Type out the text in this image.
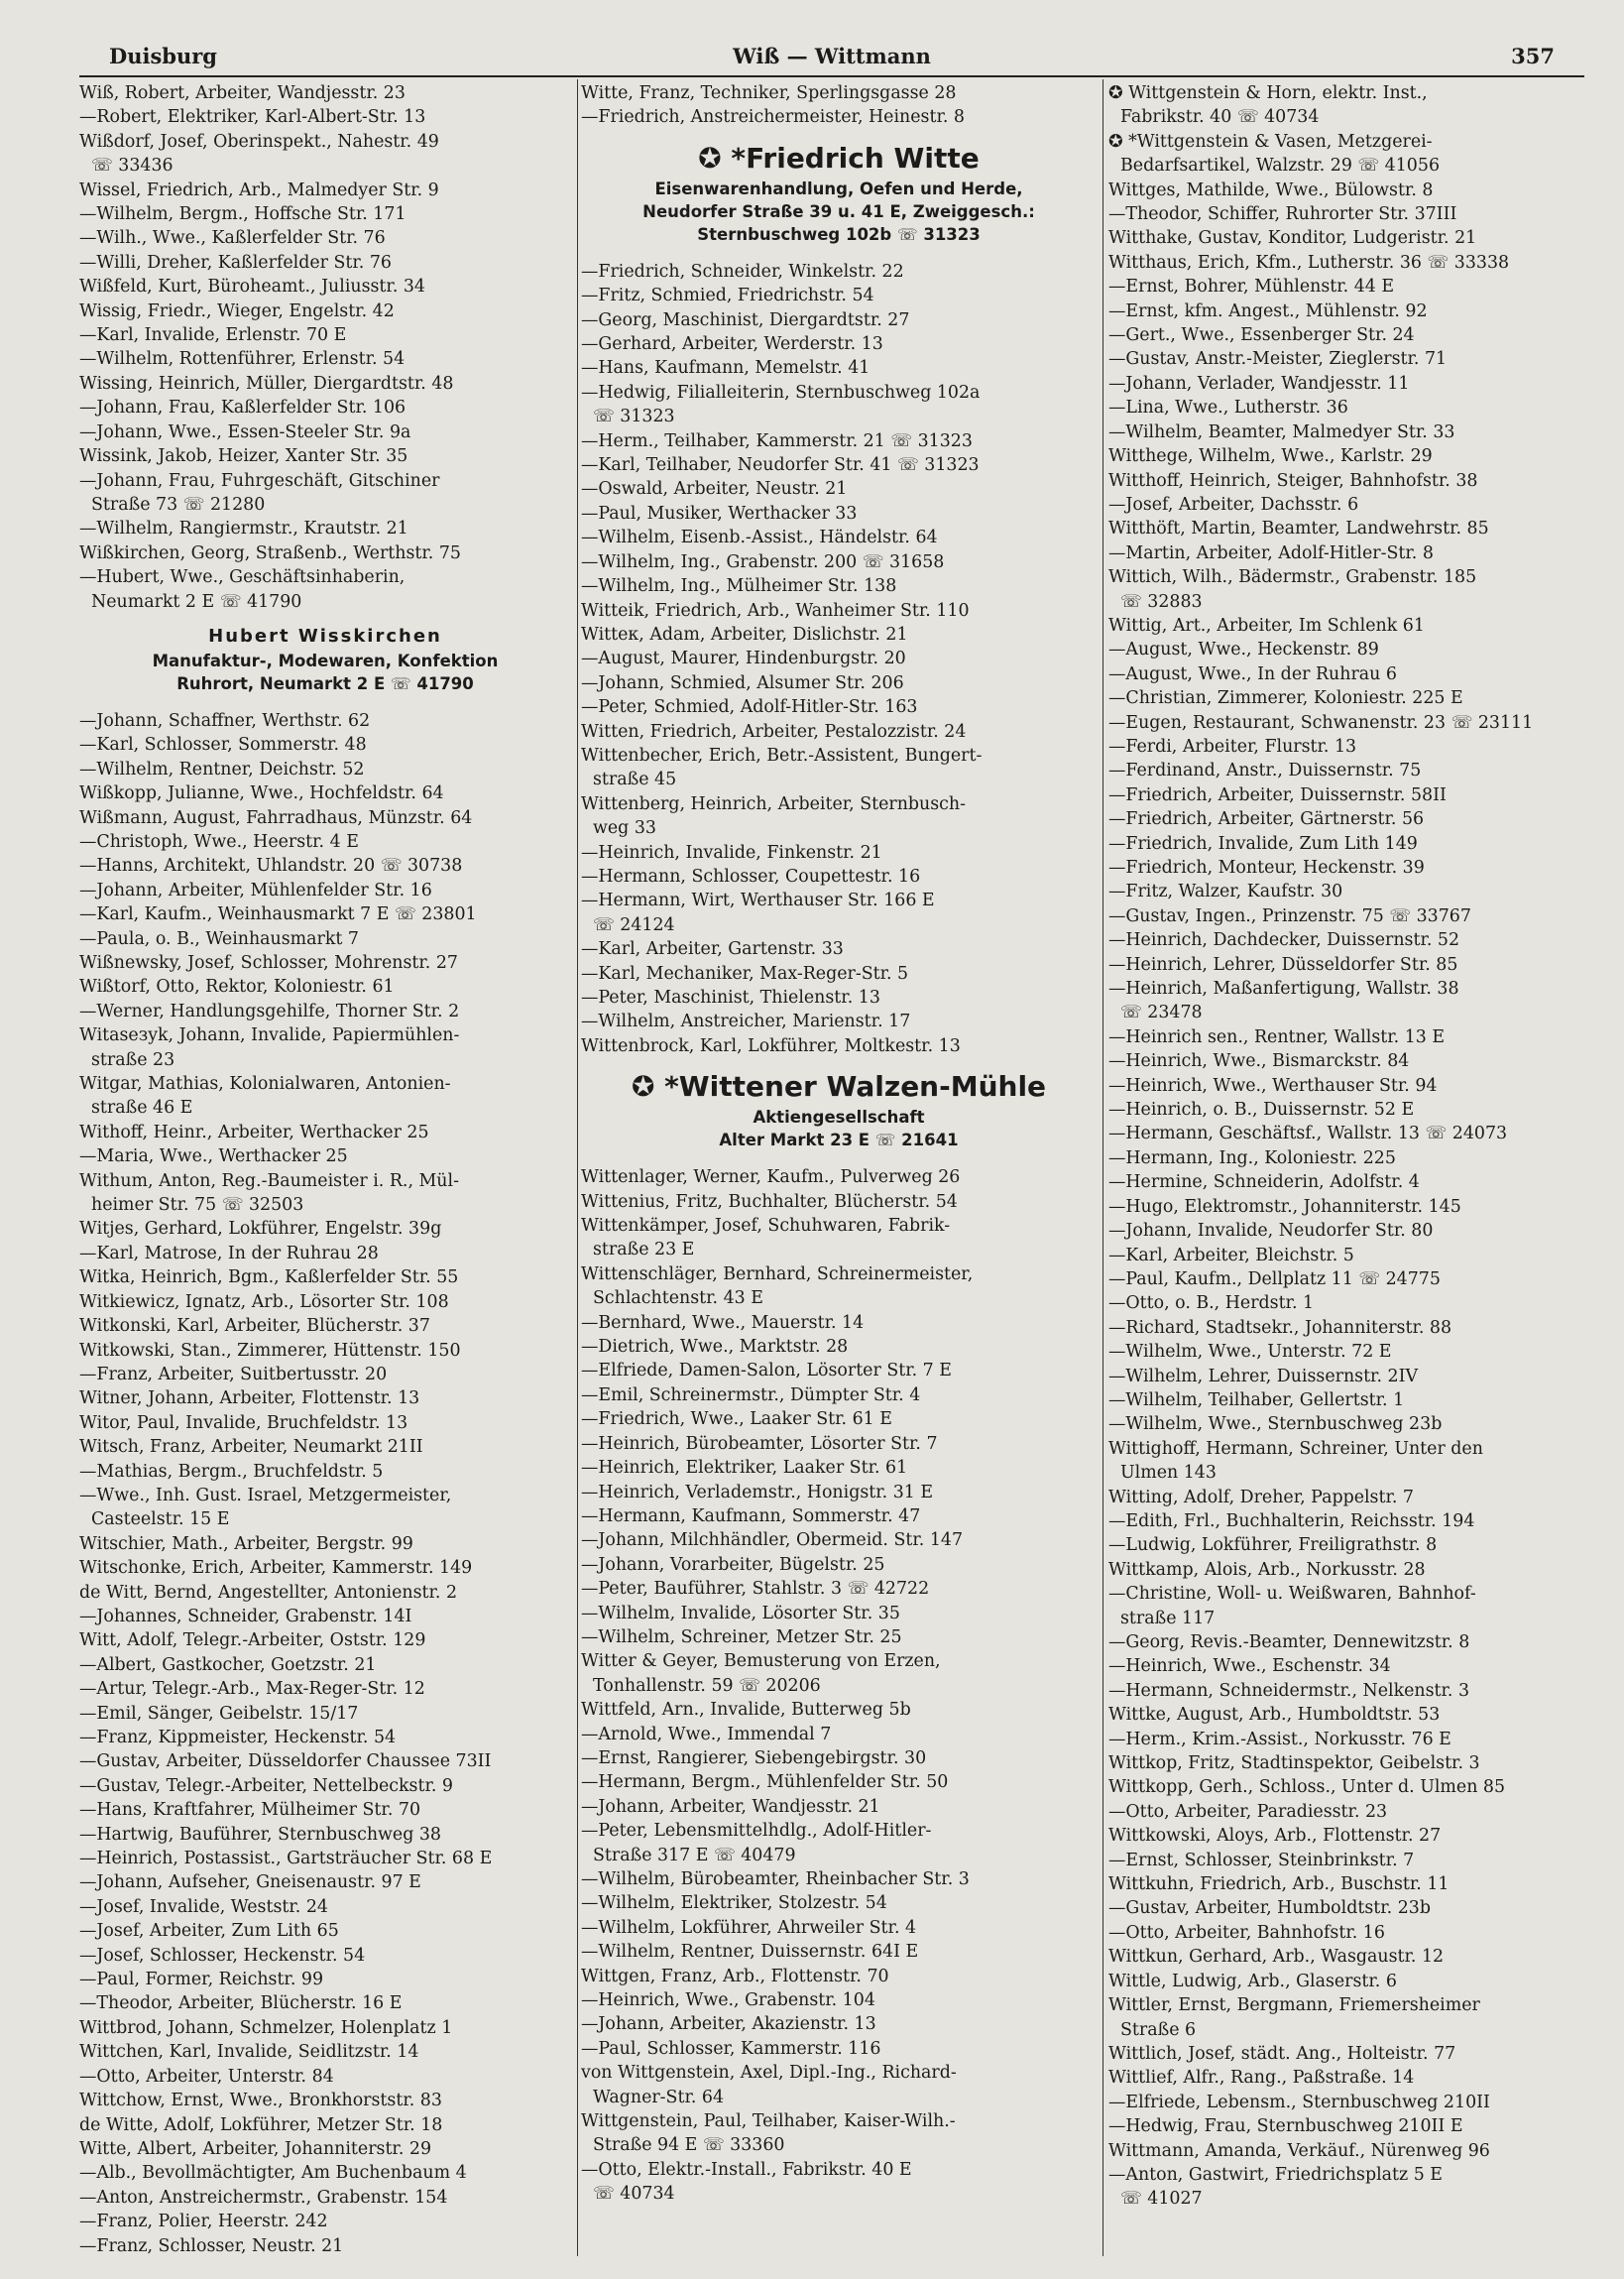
Duisburg	Wiß — Wittmann	357
Wiß, Robert, Arbeiter, Wandjesstr. 23
—Robert, Elektriker, Karl-Albert-Str. 13
Wißdorf, Josef, Oberinspekt., Nahestr. 49
☏ 33436
Wissel, Friedrich, Arb., Malmedyer Str. 9
—Wilhelm, Bergm., Hoffsche Str. 171
—Wilh., Wwe., Kaßlerfelder Str. 76
—Willi, Dreher, Kaßlerfelder Str. 76
Wißfeld, Kurt, Büroheamt., Juliusstr. 34
Wissig, Friedr., Wieger, Engelstr. 42
—Karl, Invalide, Erlenstr. 70 E
—Wilhelm, Rottenführer, Erlenstr. 54
Wissing, Heinrich, Müller, Diergardtstr. 48
—Johann, Frau, Kaßlerfelder Str. 106
—Johann, Wwe., Essen-Steeler Str. 9a
Wissink, Jakob, Heizer, Xanter Str. 35
—Johann, Frau, Fuhrgeschäft, Gitschiner
Straße 73 ☏ 21280
—Wilhelm, Rangiermstr., Krautstr. 21
Wißkirchen, Georg, Straßenb., Werthstr. 75
—Hubert, Wwe., Geschäftsinhaberin,
Neumarkt 2 E ☏ 41790
Hubert Wisskirchen
Manufaktur-, Modewaren, Konfektion
Ruhrort, Neumarkt 2 E ☏ 41790
—Johann, Schaffner, Werthstr. 62
—Karl, Schlosser, Sommerstr. 48
—Wilhelm, Rentner, Deichstr. 52
Wißkopp, Julianne, Wwe., Hochfeldstr. 64
Wißmann, August, Fahrradhaus, Münzstr. 64
—Christoph, Wwe., Heerstr. 4 E
—Hanns, Architekt, Uhlandstr. 20 ☏ 30738
—Johann, Arbeiter, Mühlenfelder Str. 16
—Karl, Kaufm., Weinhausmarkt 7 E ☏ 23801
—Paula, o. B., Weinhausmarkt 7
Wißnewsky, Josef, Schlosser, Mohrenstr. 27
Wißtorf, Otto, Rektor, Koloniestr. 61
—Werner, Handlungsgehilfe, Thorner Str. 2
Witaseзyk, Johann, Invalide, Papiermühlen-
straße 23
Witgar, Mathias, Kolonialwaren, Antonien-
straße 46 E
Withoff, Heinr., Arbeiter, Werthacker 25
—Maria, Wwe., Werthacker 25
Withum, Anton, Reg.-Baumeister i. R., Mül-
heimer Str. 75 ☏ 32503
Witjes, Gerhard, Lokführer, Engelstr. 39g
—Karl, Matrose, In der Ruhrau 28
Witka, Heinrich, Bgm., Kaßlerfelder Str. 55
Witkiewicz, Ignatz, Arb., Lösorter Str. 108
Witkonski, Karl, Arbeiter, Blücherstr. 37
Witkowski, Stan., Zimmerer, Hüttenstr. 150
—Franz, Arbeiter, Suitbertusstr. 20
Witner, Johann, Arbeiter, Flottenstr. 13
Witor, Paul, Invalide, Bruchfeldstr. 13
Witsch, Franz, Arbeiter, Neumarkt 21II
—Mathias, Bergm., Bruchfeldstr. 5
—Wwe., Inh. Gust. Israel, Metzgermeister,
Casteelstr. 15 E
Witschier, Math., Arbeiter, Bergstr. 99
Witschonke, Erich, Arbeiter, Kammerstr. 149
de Witt, Bernd, Angestellter, Antonienstr. 2
—Johannes, Schneider, Grabenstr. 14I
Witt, Adolf, Telegr.-Arbeiter, Oststr. 129
—Albert, Gastkocher, Goetzstr. 21
—Artur, Telegr.-Arb., Max-Reger-Str. 12
—Emil, Sänger, Geibelstr. 15/17
—Franz, Kippmeister, Heckenstr. 54
—Gustav, Arbeiter, Düsseldorfer Chaussee 73II
—Gustav, Telegr.-Arbeiter, Nettelbeckstr. 9
—Hans, Kraftfahrer, Mülheimer Str. 70
—Hartwig, Bauführer, Sternbuschweg 38
—Heinrich, Postassist., Gartsträucher Str. 68 E
—Johann, Aufseher, Gneisenaustr. 97 E
—Josef, Invalide, Weststr. 24
—Josef, Arbeiter, Zum Lith 65
—Josef, Schlosser, Heckenstr. 54
—Paul, Former, Reichstr. 99
—Theodor, Arbeiter, Blücherstr. 16 E
Wittbrod, Johann, Schmelzer, Holenplatz 1
Wittchen, Karl, Invalide, Seidlitzstr. 14
—Otto, Arbeiter, Unterstr. 84
Wittchow, Ernst, Wwe., Bronkhorststr. 83
de Witte, Adolf, Lokführer, Metzer Str. 18
Witte, Albert, Arbeiter, Johanniterstr. 29
—Alb., Bevollmächtigter, Am Buchenbaum 4
—Anton, Anstreichermstr., Grabenstr. 154
—Franz, Polier, Heerstr. 242
—Franz, Schlosser, Neustr. 21
Witte, Franz, Techniker, Sperlingsgasse 28
—Friedrich, Anstreichermeister, Heinestr. 8
✪ *Friedrich Witte
Eisenwarenhandlung, Oefen und Herde,
Neudorfer Straße 39 u. 41 E, Zweiggesch.:
Sternbuschweg 102b ☏ 31323
—Friedrich, Schneider, Winkelstr. 22
—Fritz, Schmied, Friedrichstr. 54
—Georg, Maschinist, Diergardtstr. 27
—Gerhard, Arbeiter, Werderstr. 13
—Hans, Kaufmann, Memelstr. 41
—Hedwig, Filialleiterin, Sternbuschweg 102a
☏ 31323
—Herm., Teilhaber, Kammerstr. 21 ☏ 31323
—Karl, Teilhaber, Neudorfer Str. 41 ☏ 31323
—Oswald, Arbeiter, Neustr. 21
—Paul, Musiker, Werthacker 33
—Wilhelm, Eisenb.-Assist., Händelstr. 64
—Wilhelm, Ing., Grabenstr. 200 ☏ 31658
—Wilhelm, Ing., Mülheimer Str. 138
Witteik, Friedrich, Arb., Wanheimer Str. 110
Witteк, Adam, Arbeiter, Dislichstr. 21
—August, Maurer, Hindenburgstr. 20
—Johann, Schmied, Alsumer Str. 206
—Peter, Schmied, Adolf-Hitler-Str. 163
Witten, Friedrich, Arbeiter, Pestalozzistr. 24
Wittenbecher, Erich, Betr.-Assistent, Bungert-
straße 45
Wittenberg, Heinrich, Arbeiter, Sternbusch-
weg 33
—Heinrich, Invalide, Finkenstr. 21
—Hermann, Schlosser, Coupettestr. 16
—Hermann, Wirt, Werthauser Str. 166 E
☏ 24124
—Karl, Arbeiter, Gartenstr. 33
—Karl, Mechaniker, Max-Reger-Str. 5
—Peter, Maschinist, Thielenstr. 13
—Wilhelm, Anstreicher, Marienstr. 17
Wittenbrock, Karl, Lokführer, Moltkestr. 13
✪ *Wittener Walzen-Mühle
Aktiengesellschaft
Alter Markt 23 E ☏ 21641
Wittenlager, Werner, Kaufm., Pulverweg 26
Wittenius, Fritz, Buchhalter, Blücherstr. 54
Wittenkämper, Josef, Schuhwaren, Fabrik-
straße 23 E
Wittenschläger, Bernhard, Schreinermeister,
Schlachtenstr. 43 E
—Bernhard, Wwe., Mauerstr. 14
—Dietrich, Wwe., Marktstr. 28
—Elfriede, Damen-Salon, Lösorter Str. 7 E
—Emil, Schreinermstr., Dümpter Str. 4
—Friedrich, Wwe., Laaker Str. 61 E
—Heinrich, Bürobeamter, Lösorter Str. 7
—Heinrich, Elektriker, Laaker Str. 61
—Heinrich, Verlademstr., Honigstr. 31 E
—Hermann, Kaufmann, Sommerstr. 47
—Johann, Milchhändler, Obermeid. Str. 147
—Johann, Vorarbeiter, Bügelstr. 25
—Peter, Bauführer, Stahlstr. 3 ☏ 42722
—Wilhelm, Invalide, Lösorter Str. 35
—Wilhelm, Schreiner, Metzer Str. 25
Witter & Geyer, Bemusterung von Erzen,
Tonhallenstr. 59 ☏ 20206
Wittfeld, Arn., Invalide, Butterweg 5b
—Arnold, Wwe., Immendal 7
—Ernst, Rangierer, Siebengebirgstr. 30
—Hermann, Bergm., Mühlenfelder Str. 50
—Johann, Arbeiter, Wandjesstr. 21
—Peter, Lebensmittelhdlg., Adolf-Hitler-
Straße 317 E ☏ 40479
—Wilhelm, Bürobeamter, Rheinbacher Str. 3
—Wilhelm, Elektriker, Stolzestr. 54
—Wilhelm, Lokführer, Ahrweiler Str. 4
—Wilhelm, Rentner, Duissernstr. 64I E
Wittgen, Franz, Arb., Flottenstr. 70
—Heinrich, Wwe., Grabenstr. 104
—Johann, Arbeiter, Akazienstr. 13
—Paul, Schlosser, Kammerstr. 116
von Wittgenstein, Axel, Dipl.-Ing., Richard-
Wagner-Str. 64
Wittgenstein, Paul, Teilhaber, Kaiser-Wilh.-
Straße 94 E ☏ 33360
—Otto, Elektr.-Install., Fabrikstr. 40 E
☏ 40734
✪ Wittgenstein & Horn, elektr. Inst.,
Fabrikstr. 40 ☏ 40734
✪ *Wittgenstein & Vasen, Metzgerei-
Bedarfsartikel, Walzstr. 29 ☏ 41056
Wittges, Mathilde, Wwe., Bülowstr. 8
—Theodor, Schiffer, Ruhrorter Str. 37III
Witthake, Gustav, Konditor, Ludgeristr. 21
Witthaus, Erich, Kfm., Lutherstr. 36 ☏ 33338
—Ernst, Bohrer, Mühlenstr. 44 E
—Ernst, kfm. Angest., Mühlenstr. 92
—Gert., Wwe., Essenberger Str. 24
—Gustav, Anstr.-Meister, Zieglerstr. 71
—Johann, Verlader, Wandjesstr. 11
—Lina, Wwe., Lutherstr. 36
—Wilhelm, Beamter, Malmedyer Str. 33
Witthege, Wilhelm, Wwe., Karlstr. 29
Witthoff, Heinrich, Steiger, Bahnhofstr. 38
—Josef, Arbeiter, Dachsstr. 6
Witthöft, Martin, Beamter, Landwehrstr. 85
—Martin, Arbeiter, Adolf-Hitler-Str. 8
Wittich, Wilh., Bädermstr., Grabenstr. 185
☏ 32883
Wittig, Art., Arbeiter, Im Schlenk 61
—August, Wwe., Heckenstr. 89
—August, Wwe., In der Ruhrau 6
—Christian, Zimmerer, Koloniestr. 225 E
—Eugen, Restaurant, Schwanenstr. 23 ☏ 23111
—Ferdi, Arbeiter, Flurstr. 13
—Ferdinand, Anstr., Duissernstr. 75
—Friedrich, Arbeiter, Duissernstr. 58II
—Friedrich, Arbeiter, Gärtnerstr. 56
—Friedrich, Invalide, Zum Lith 149
—Friedrich, Monteur, Heckenstr. 39
—Fritz, Walzer, Kaufstr. 30
—Gustav, Ingen., Prinzenstr. 75 ☏ 33767
—Heinrich, Dachdecker, Duissernstr. 52
—Heinrich, Lehrer, Düsseldorfer Str. 85
—Heinrich, Maßanfertigung, Wallstr. 38
☏ 23478
—Heinrich sen., Rentner, Wallstr. 13 E
—Heinrich, Wwe., Bismarckstr. 84
—Heinrich, Wwe., Werthauser Str. 94
—Heinrich, o. B., Duissernstr. 52 E
—Hermann, Geschäftsf., Wallstr. 13 ☏ 24073
—Hermann, Ing., Koloniestr. 225
—Hermine, Schneiderin, Adolfstr. 4
—Hugo, Elektromstr., Johanniterstr. 145
—Johann, Invalide, Neudorfer Str. 80
—Karl, Arbeiter, Bleichstr. 5
—Paul, Kaufm., Dellplatz 11 ☏ 24775
—Otto, o. B., Herdstr. 1
—Richard, Stadtsekr., Johanniterstr. 88
—Wilhelm, Wwe., Unterstr. 72 E
—Wilhelm, Lehrer, Duissernstr. 2IV
—Wilhelm, Teilhaber, Gellertstr. 1
—Wilhelm, Wwe., Sternbuschweg 23b
Wittighoff, Hermann, Schreiner, Unter den
Ulmen 143
Witting, Adolf, Dreher, Pappelstr. 7
—Edith, Frl., Buchhalterin, Reichsstr. 194
—Ludwig, Lokführer, Freiligrathstr. 8
Wittkamp, Alois, Arb., Norkusstr. 28
—Christine, Woll- u. Weißwaren, Bahnhof-
straße 117
—Georg, Revis.-Beamter, Dennewitzstr. 8
—Heinrich, Wwe., Eschenstr. 34
—Hermann, Schneidermstr., Nelkenstr. 3
Wittke, August, Arb., Humboldtstr. 53
—Herm., Krim.-Assist., Norkusstr. 76 E
Wittkop, Fritz, Stadtinspektor, Geibelstr. 3
Wittkopp, Gerh., Schloss., Unter d. Ulmen 85
—Otto, Arbeiter, Paradiesstr. 23
Wittkowski, Aloys, Arb., Flottenstr. 27
—Ernst, Schlosser, Steinbrinkstr. 7
Wittkuhn, Friedrich, Arb., Buschstr. 11
—Gustav, Arbeiter, Humboldtstr. 23b
—Otto, Arbeiter, Bahnhofstr. 16
Wittkun, Gerhard, Arb., Wasgaustr. 12
Wittle, Ludwig, Arb., Glaserstr. 6
Wittler, Ernst, Bergmann, Friemersheimer
Straße 6
Wittlich, Josef, städt. Ang., Holteistr. 77
Wittlief, Alfr., Rang., Paßstraße. 14
—Elfriede, Lebensm., Sternbuschweg 210II
—Hedwig, Frau, Sternbuschweg 210II E
Wittmann, Amanda, Verkäuf., Nürenweg 96
—Anton, Gastwirt, Friedrichsplatz 5 E
☏ 41027
